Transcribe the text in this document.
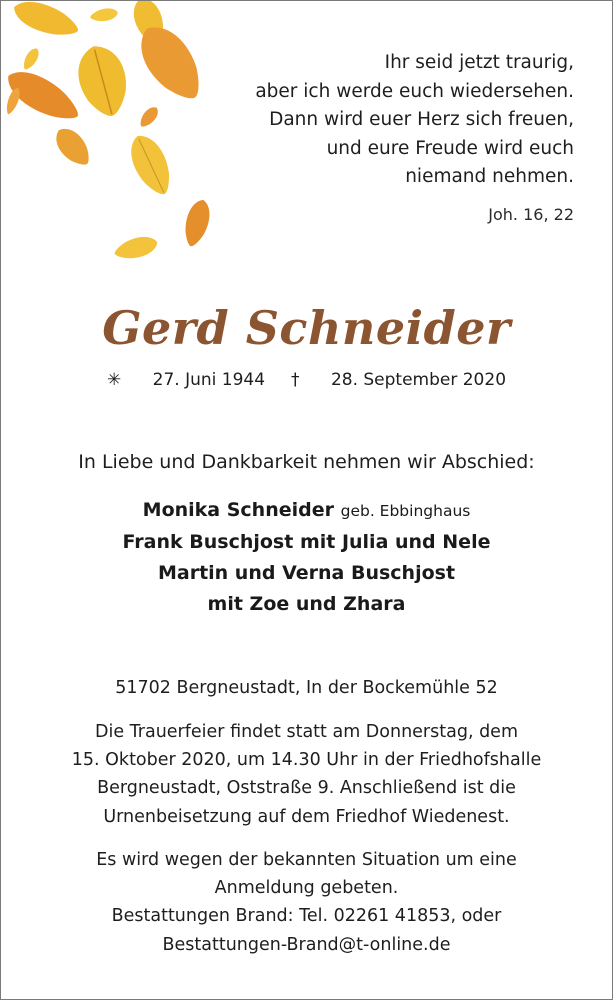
Ihr seid jetzt traurig,
aber ich werde euch wiedersehen.
Dann wird euer Herz sich freuen,
und eure Freude wird euch
niemand nehmen.
Joh. 16, 22
Gerd Schneider
✳ 27. Juni 1944 † 28. September 2020
In Liebe und Dankbarkeit nehmen wir Abschied:
Monika Schneider geb. Ebbinghaus
Frank Buschjost mit Julia und Nele
Martin und Verna Buschjost
mit Zoe und Zhara
51702 Bergneustadt, In der Bockemühle 52
Die Trauerfeier findet statt am Donnerstag, dem
15. Oktober 2020, um 14.30 Uhr in der Friedhofshalle
Bergneustadt, Oststraße 9. Anschließend ist die
Urnenbeisetzung auf dem Friedhof Wiedenest.
Es wird wegen der bekannten Situation um eine
Anmeldung gebeten.
Bestattungen Brand: Tel. 02261 41853, oder
Bestattungen-Brand@t-online.de
